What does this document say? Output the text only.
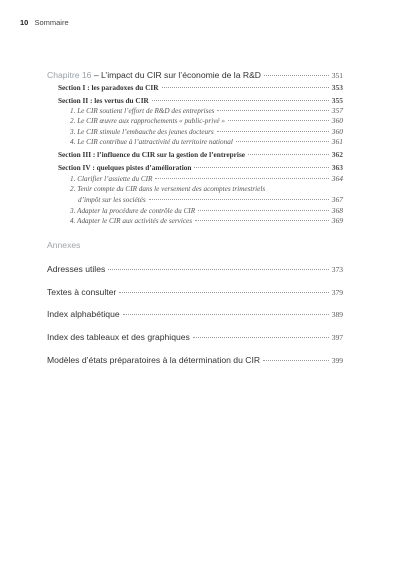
10 Sommaire
Chapitre 16 – L’impact du CIR sur l’économie de la R&D	351
Section I : les paradoxes du CIR	353
Section II : les vertus du CIR	355
1. Le CIR soutient l’effort de R&D des entreprises	357
2. Le CIR œuvre aux rapprochements « public-privé »	360
3. Le CIR stimule l’embauche des jeunes docteurs	360
4. Le CIR contribue à l’attractivité du territoire national	361
Section III : l’influence du CIR sur la gestion de l’entreprise	362
Section IV : quelques pistes d’amélioration	363
1. Clarifier l’assiette du CIR	364
2. Tenir compte du CIR dans le versement des acomptes trimestriels
d’impôt sur les sociétés	367
3. Adapter la procédure de contrôle du CIR	368
4. Adapter le CIR aux activités de services	369
Annexes
Adresses utiles	373
Textes à consulter	379
Index alphabétique	389
Index des tableaux et des graphiques	397
Modèles d’états préparatoires à la détermination du CIR	399
